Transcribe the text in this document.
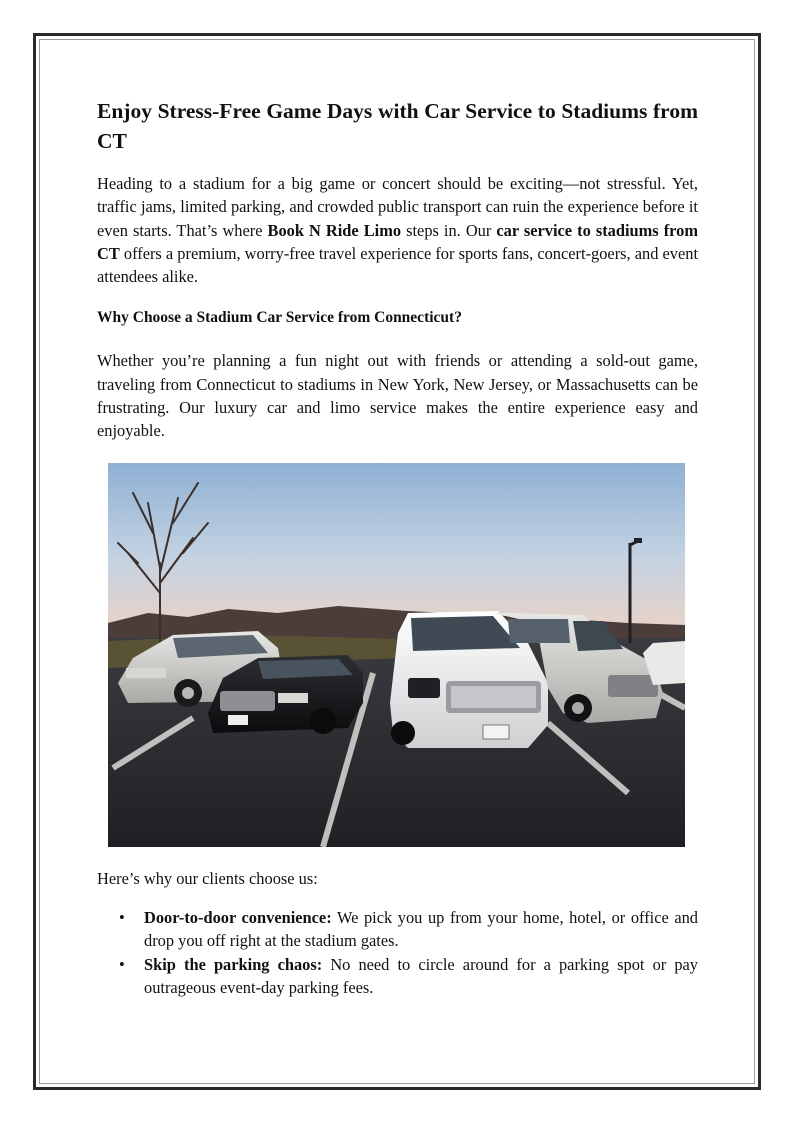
Enjoy Stress-Free Game Days with Car Service to Stadiums from CT

Heading to a stadium for a big game or concert should be exciting—not stressful. Yet, traffic jams, limited parking, and crowded public transport can ruin the experience before it even starts. That’s where Book N Ride Limo steps in. Our car service to stadiums from CT offers a premium, worry-free travel experience for sports fans, concert-goers, and event attendees alike.

Why Choose a Stadium Car Service from Connecticut?

Whether you’re planning a fun night out with friends or attending a sold-out game, traveling from Connecticut to stadiums in New York, New Jersey, or Massachusetts can be frustrating. Our luxury car and limo service makes the entire experience easy and enjoyable.

Here’s why our clients choose us:

• Door-to-door convenience: We pick you up from your home, hotel, or office and drop you off right at the stadium gates.
• Skip the parking chaos: No need to circle around for a parking spot or pay outrageous event-day parking fees.
